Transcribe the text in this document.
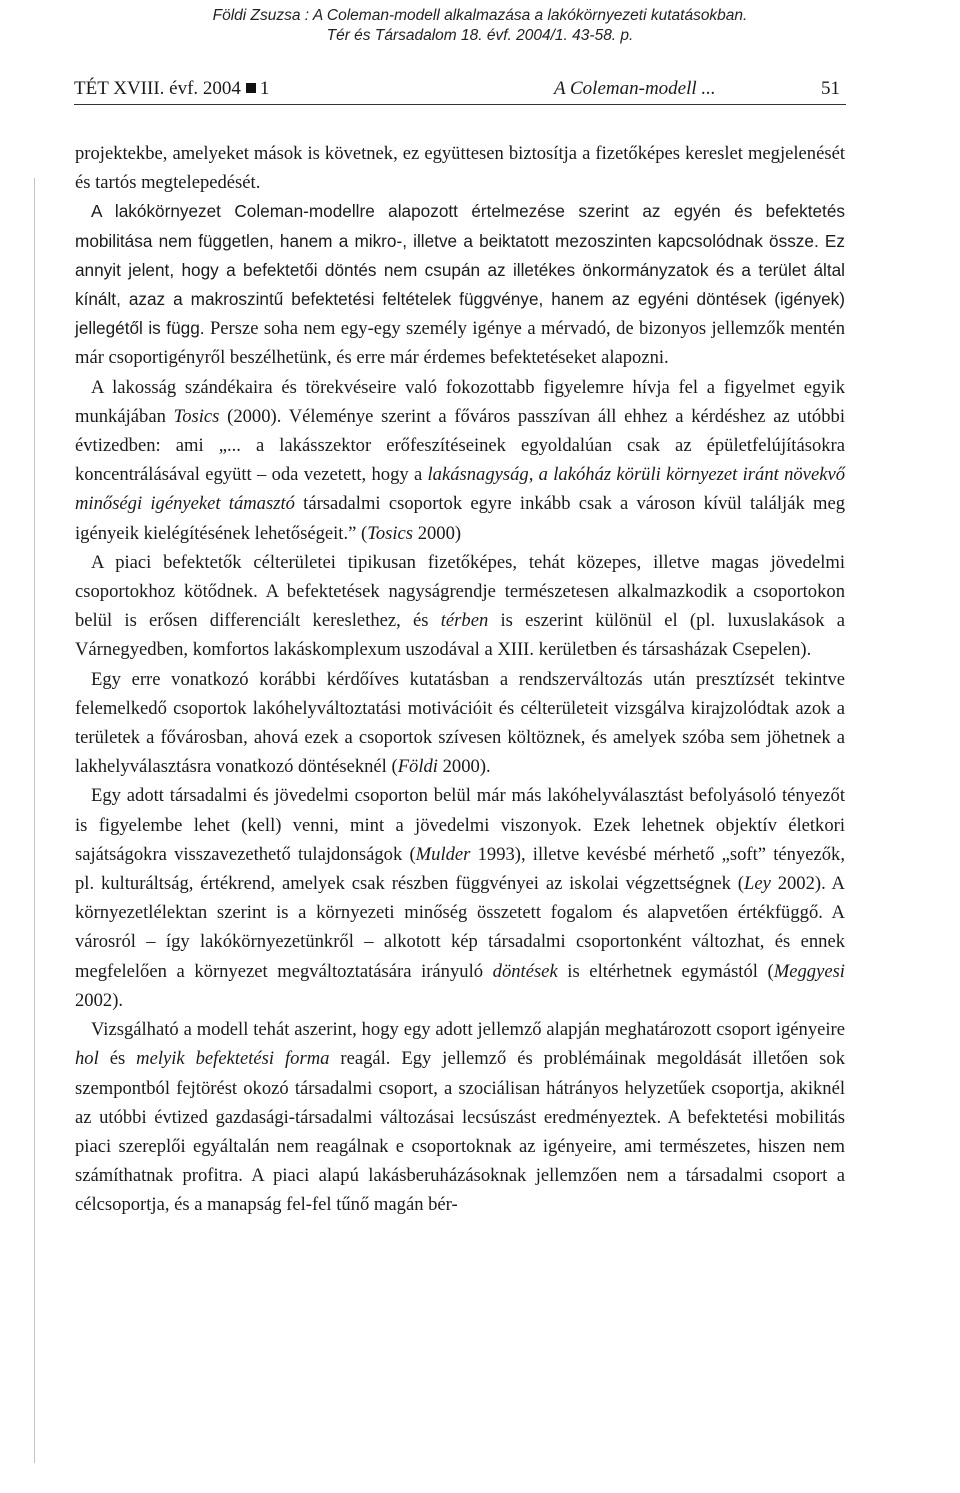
Földi Zsuzsa : A Coleman-modell alkalmazása a lakókörnyezeti kutatásokban.
Tér és Társadalom 18. évf. 2004/1. 43-58. p.
TÉT XVIII. évf. 2004 1	A Coleman-modell ...	51

projektekbe, amelyeket mások is követnek, ez együttesen biztosítja a fizetőképes kereslet megjelenését és tartós megtelepedését.

A lakókörnyezet Coleman-modellre alapozott értelmezése szerint az egyén és befektetés mobilitása nem független, hanem a mikro-, illetve a beiktatott mezoszinten kapcsolódnak össze. Ez annyit jelent, hogy a befektetői döntés nem csupán az illetékes önkormányzatok és a terület által kínált, azaz a makroszintű befektetési feltételek függvénye, hanem az egyéni döntések (igények) jellegétől is függ. Persze soha nem egy-egy személy igénye a mérvadó, de bizonyos jellemzők mentén már csoportigényről beszélhetünk, és erre már érdemes befektetéseket alapozni.

A lakosság szándékaira és törekvéseire való fokozottabb figyelemre hívja fel a figyelmet egyik munkájában Tosics (2000). Véleménye szerint a főváros passzívan áll ehhez a kérdéshez az utóbbi évtizedben: ami „... a lakásszektor erőfeszítéseinek egyoldalúan csak az épületfelújításokra koncentrálásával együtt – oda vezetett, hogy a lakásnagyság, a lakóház körüli környezet iránt növekvő minőségi igényeket támasztó társadalmi csoportok egyre inkább csak a városon kívül találják meg igényeik kielégítésének lehetőségeit.” (Tosics 2000)

A piaci befektetők célterületei tipikusan fizetőképes, tehát közepes, illetve magas jövedelmi csoportokhoz kötődnek. A befektetések nagyságrendje természetesen alkalmazkodik a csoportokon belül is erősen differenciált kereslethez, és térben is eszerint különül el (pl. luxuslakások a Várnegyedben, komfortos lakáskomplexum uszodával a XIII. kerületben és társasházak Csepelen).

Egy erre vonatkozó korábbi kérdőíves kutatásban a rendszerváltozás után presztízsét tekintve felemelkedő csoportok lakóhelyváltoztatási motivációit és célterületeit vizsgálva kirajzolódtak azok a területek a fővárosban, ahová ezek a csoportok szívesen költöznek, és amelyek szóba sem jöhetnek a lakhelyválasztásra vonatkozó döntéseknél (Földi 2000).

Egy adott társadalmi és jövedelmi csoporton belül már más lakóhelyválasztást befolyásoló tényezőt is figyelembe lehet (kell) venni, mint a jövedelmi viszonyok. Ezek lehetnek objektív életkori sajátságokra visszavezethető tulajdonságok (Mulder 1993), illetve kevésbé mérhető „soft” tényezők, pl. kulturáltság, értékrend, amelyek csak részben függvényei az iskolai végzettségnek (Ley 2002). A környezetlélektan szerint is a környezeti minőség összetett fogalom és alapvetően értékfüggő. A városról – így lakókörnyezetünkről – alkotott kép társadalmi csoportonként változhat, és ennek megfelelően a környezet megváltoztatására irányuló döntések is eltérhetnek egymástól (Meggyesi 2002).

Vizsgálható a modell tehát aszerint, hogy egy adott jellemző alapján meghatározott csoport igényeire hol és melyik befektetési forma reagál. Egy jellemző és problémáinak megoldását illetően sok szempontból fejtörést okozó társadalmi csoport, a szociálisan hátrányos helyzetűek csoportja, akiknél az utóbbi évtized gazdasági-társadalmi változásai lecsúszást eredményeztek. A befektetési mobilitás piaci szereplői egyáltalán nem reagálnak e csoportoknak az igényeire, ami természetes, hiszen nem számíthatnak profitra. A piaci alapú lakásberuházásoknak jellemzően nem a társadalmi csoport a célcsoportja, és a manapság fel-fel tűnő magán bér-
